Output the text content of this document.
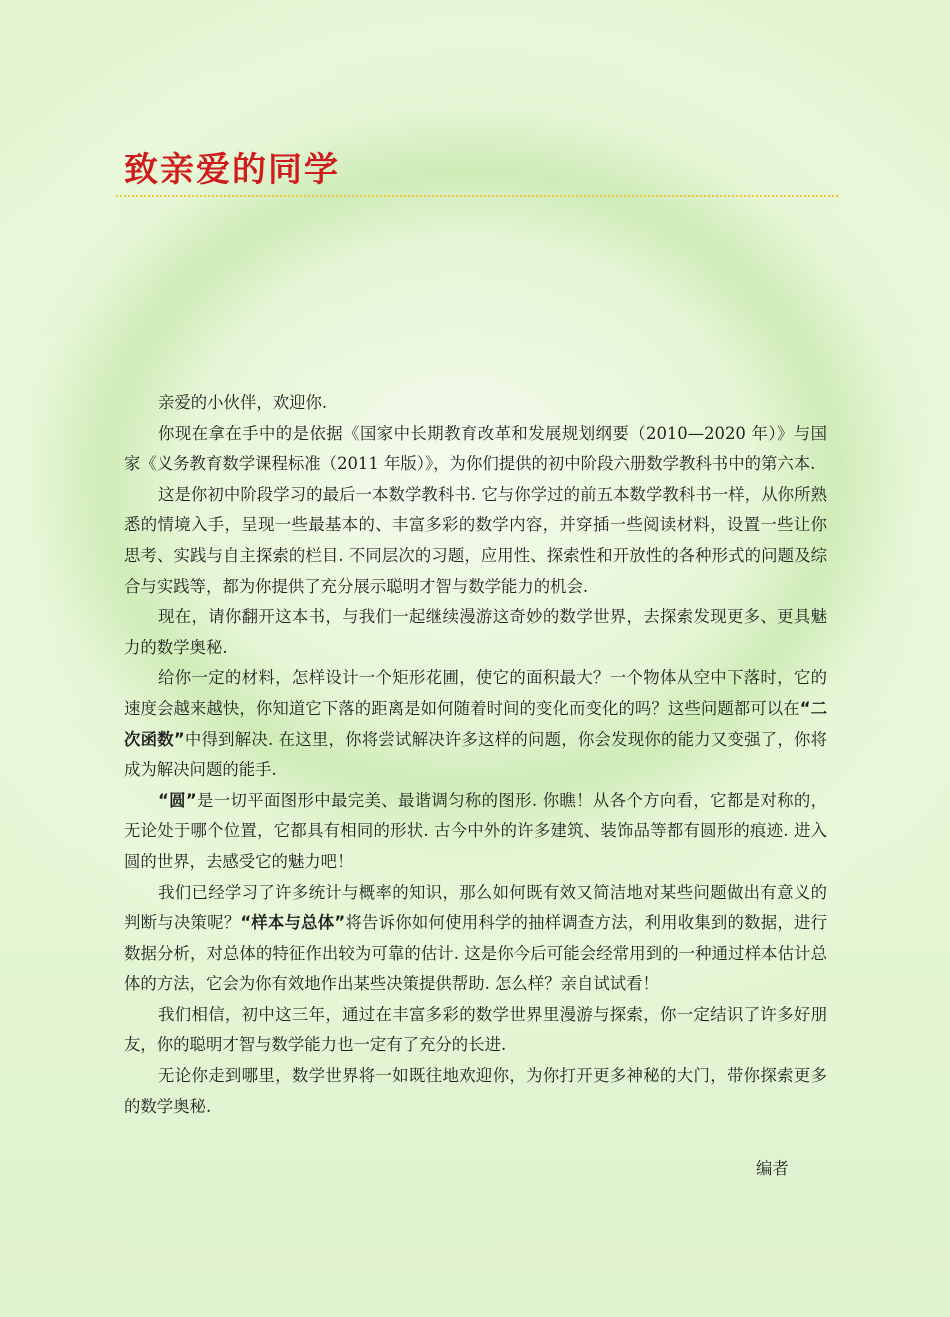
致亲爱的同学

亲爱的小伙伴，欢迎你.

你现在拿在手中的是依据《国家中长期教育改革和发展规划纲要（2010—2020 年）》与国家《义务教育数学课程标准（2011 年版）》，为你们提供的初中阶段六册数学教科书中的第六本.

这是你初中阶段学习的最后一本数学教科书. 它与你学过的前五本数学教科书一样，从你所熟悉的情境入手，呈现一些最基本的、丰富多彩的数学内容，并穿插一些阅读材料，设置一些让你思考、实践与自主探索的栏目. 不同层次的习题，应用性、探索性和开放性的各种形式的问题及综合与实践等，都为你提供了充分展示聪明才智与数学能力的机会.

现在，请你翻开这本书，与我们一起继续漫游这奇妙的数学世界，去探索发现更多、更具魅力的数学奥秘.

给你一定的材料，怎样设计一个矩形花圃，使它的面积最大？一个物体从空中下落时，它的速度会越来越快，你知道它下落的距离是如何随着时间的变化而变化的吗？这些问题都可以在“二次函数”中得到解决. 在这里，你将尝试解决许多这样的问题，你会发现你的能力又变强了，你将成为解决问题的能手.

“圆”是一切平面图形中最完美、最谐调匀称的图形. 你瞧！从各个方向看，它都是对称的，无论处于哪个位置，它都具有相同的形状. 古今中外的许多建筑、装饰品等都有圆形的痕迹. 进入圆的世界，去感受它的魅力吧！

我们已经学习了许多统计与概率的知识，那么如何既有效又简洁地对某些问题做出有意义的判断与决策呢？“样本与总体”将告诉你如何使用科学的抽样调查方法，利用收集到的数据，进行数据分析，对总体的特征作出较为可靠的估计. 这是你今后可能会经常用到的一种通过样本估计总体的方法，它会为你有效地作出某些决策提供帮助. 怎么样？亲自试试看！

我们相信，初中这三年，通过在丰富多彩的数学世界里漫游与探索，你一定结识了许多好朋友，你的聪明才智与数学能力也一定有了充分的长进.

无论你走到哪里，数学世界将一如既往地欢迎你，为你打开更多神秘的大门，带你探索更多的数学奥秘.

编者
